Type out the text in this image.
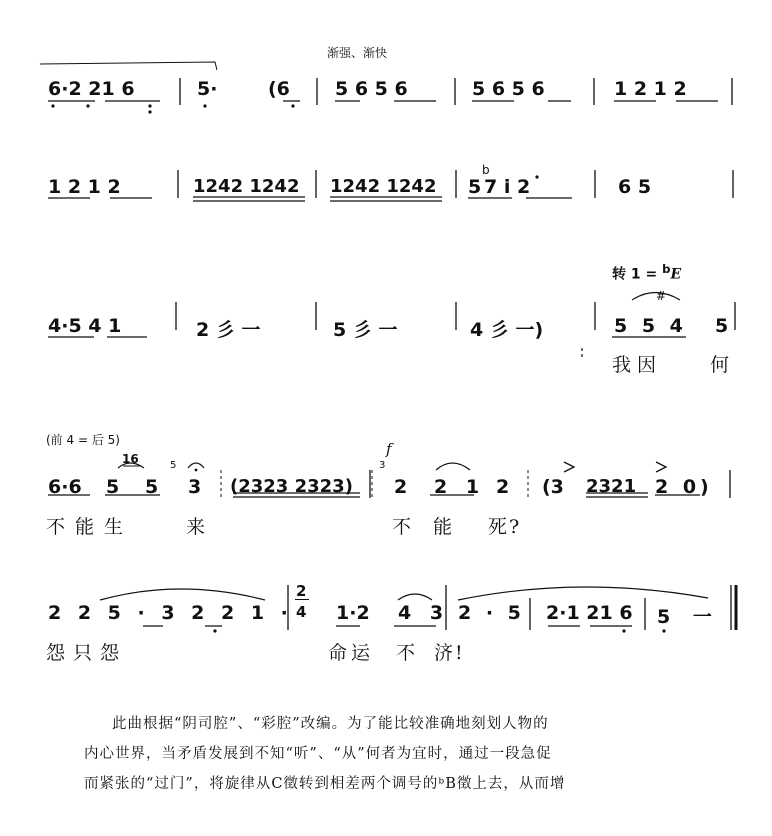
渐强、渐快
6·2 21 6	5·	(6 5 6 5 6	5 6 5 6	1 2 1 2
1 2 1 2	1242 1242 1242 1242 5
b
7 i 2	6 5
转 1 = $^b$E
#
4·5 4 1	2 彡 一	5 彡 一	4 彡 一)	5 5 4 5
我因	何
(前 4 = 后 5)
6·6
16
5 5
5
3 (2323 2323)
f
3
2 2 1 2 (3 2321 2 0)
不能生	来	不能 死?
2 2 5 · 3 2 2 1 ·
2
4 1·2 4 3 2 · 5 2·1 21 6 5 一
怨只怨	命运 不 济!
此曲根据“阴司腔”、“彩腔”改编。为了能比较准确地刻划人物的
内心世界，当矛盾发展到不知“听”、“从”何者为宜时，通过一段急促
而紧张的“过门”，将旋律从C徵转到相差两个调号的ᵇB徵上去，从而增
